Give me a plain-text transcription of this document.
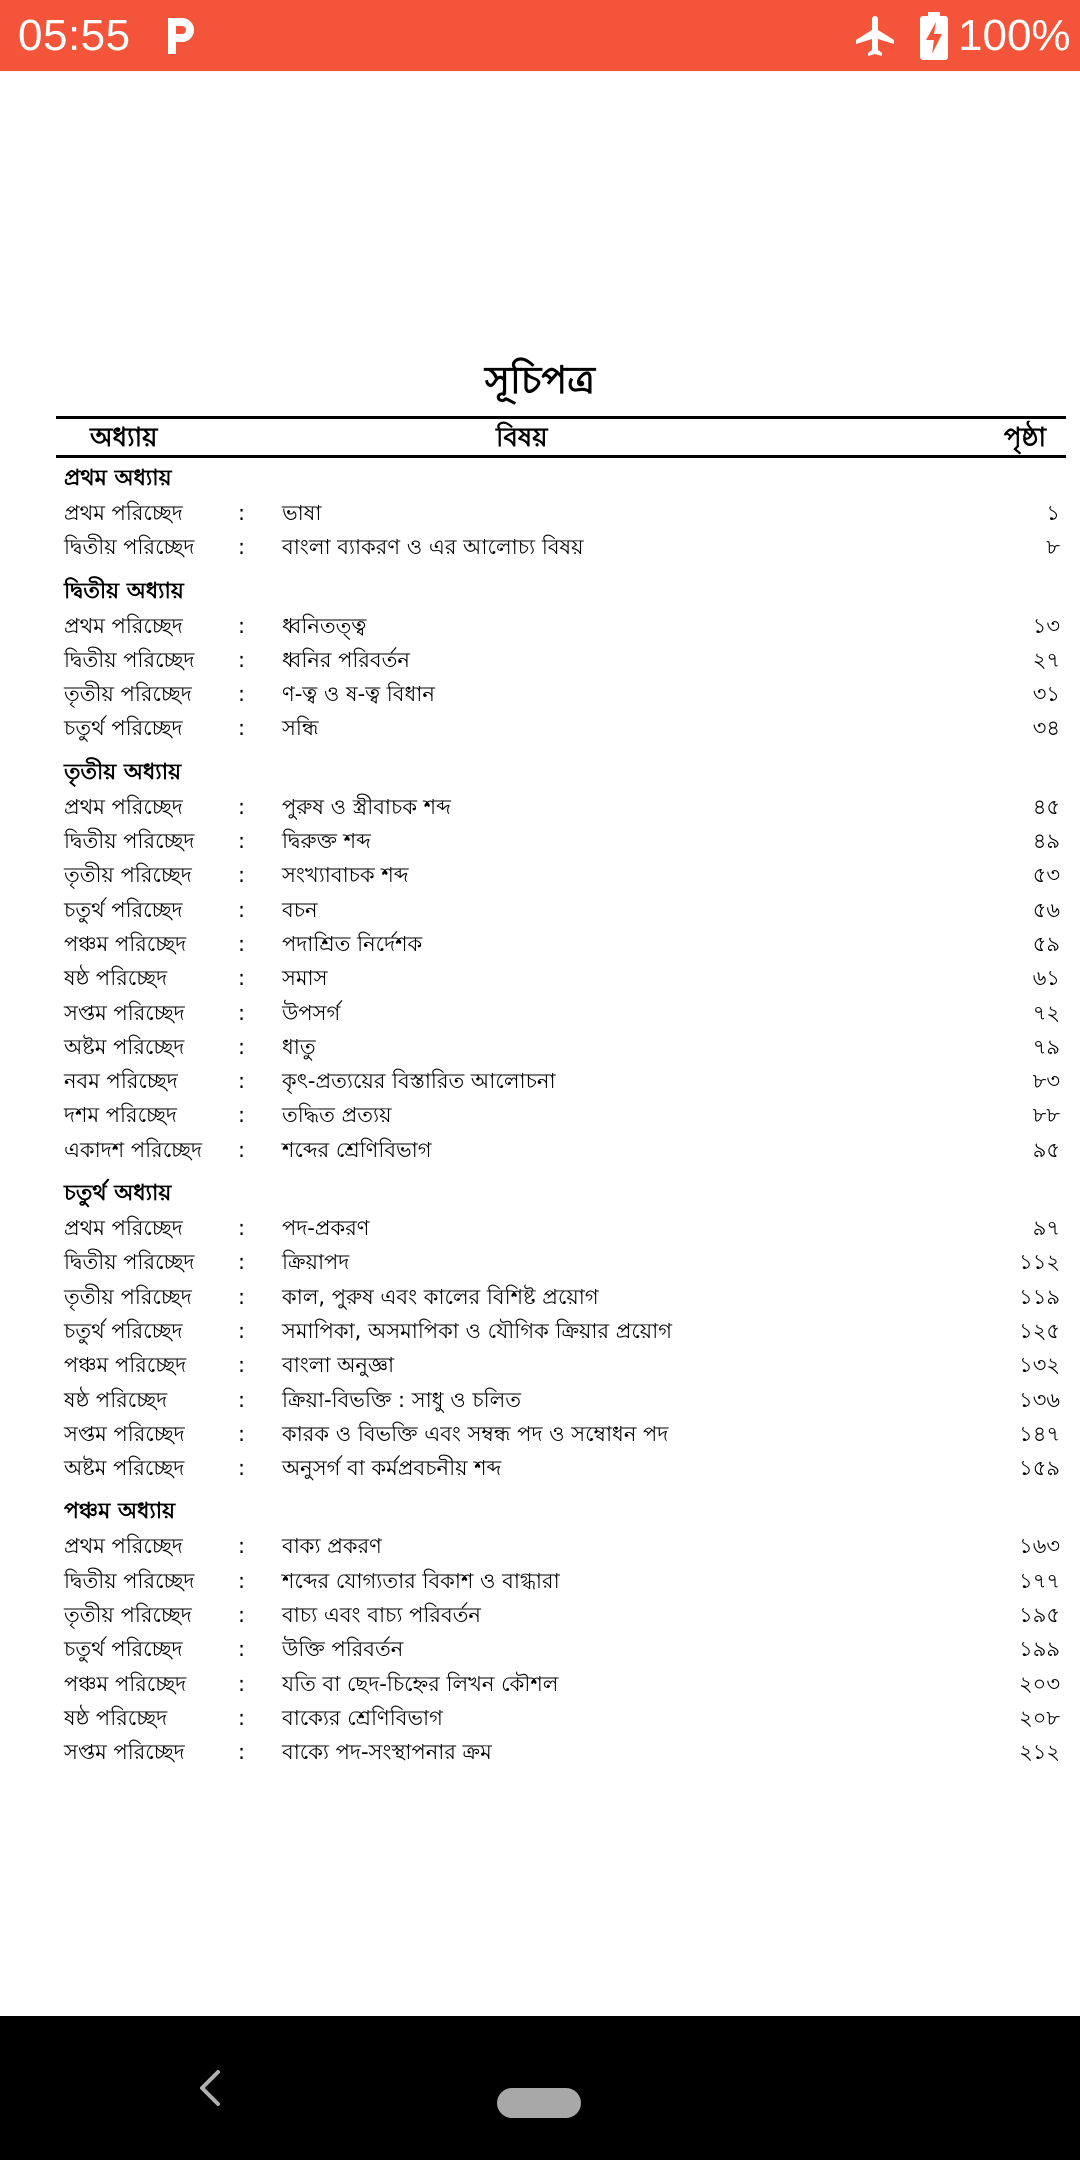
05:55	100%
সূচিপত্র
অধ্যায়	বিষয়	পৃষ্ঠা
প্রথম অধ্যায়
প্রথম পরিচ্ছেদ	: ভাষা	১
দ্বিতীয় পরিচ্ছেদ : বাংলা ব্যাকরণ ও এর আলোচ্য বিষয়	৮
দ্বিতীয় অধ্যায়
প্রথম পরিচ্ছেদ	: ধ্বনিতত্ত্ব	১৩
দ্বিতীয় পরিচ্ছেদ : ধ্বনির পরিবর্তন	২৭
তৃতীয় পরিচ্ছেদ : ণ-ত্ব ও ষ-ত্ব বিধান	৩১
চতুর্থ পরিচ্ছেদ	: সন্ধি	৩৪
তৃতীয় অধ্যায়
প্রথম পরিচ্ছেদ	: পুরুষ ও স্ত্রীবাচক শব্দ	৪৫
দ্বিতীয় পরিচ্ছেদ : দ্বিরুক্ত শব্দ	৪৯
তৃতীয় পরিচ্ছেদ : সংখ্যাবাচক শব্দ	৫৩
চতুর্থ পরিচ্ছেদ	: বচন	৫৬
পঞ্চম পরিচ্ছেদ : পদাশ্রিত নির্দেশক	৫৯
ষষ্ঠ পরিচ্ছেদ	: সমাস	৬১
সপ্তম পরিচ্ছেদ	: উপসর্গ	৭২
অষ্টম পরিচ্ছেদ	: ধাতু	৭৯
নবম পরিচ্ছেদ	: কৃৎ-প্রত্যয়ের বিস্তারিত আলোচনা	৮৩
দশম পরিচ্ছেদ	: তদ্ধিত প্রত্যয়	৮৮
একাদশ পরিচ্ছেদ : শব্দের শ্রেণিবিভাগ	৯৫
চতুর্থ অধ্যায়
প্রথম পরিচ্ছেদ	: পদ-প্রকরণ	৯৭
দ্বিতীয় পরিচ্ছেদ : ক্রিয়াপদ	১১২
তৃতীয় পরিচ্ছেদ : কাল, পুরুষ এবং কালের বিশিষ্ট প্রয়োগ	১১৯
চতুর্থ পরিচ্ছেদ	: সমাপিকা, অসমাপিকা ও যৌগিক ক্রিয়ার প্রয়োগ	১২৫
পঞ্চম পরিচ্ছেদ : বাংলা অনুজ্ঞা	১৩২
ষষ্ঠ পরিচ্ছেদ	: ক্রিয়া-বিভক্তি : সাধু ও চলিত	১৩৬
সপ্তম পরিচ্ছেদ	: কারক ও বিভক্তি এবং সম্বন্ধ পদ ও সম্বোধন পদ	১৪৭
অষ্টম পরিচ্ছেদ	: অনুসর্গ বা কর্মপ্রবচনীয় শব্দ	১৫৯
পঞ্চম অধ্যায়
প্রথম পরিচ্ছেদ	: বাক্য প্রকরণ	১৬৩
দ্বিতীয় পরিচ্ছেদ : শব্দের যোগ্যতার বিকাশ ও বাগ্ধারা	১৭৭
তৃতীয় পরিচ্ছেদ : বাচ্য এবং বাচ্য পরিবর্তন	১৯৫
চতুর্থ পরিচ্ছেদ	: উক্তি পরিবর্তন	১৯৯
পঞ্চম পরিচ্ছেদ : যতি বা ছেদ-চিহ্নের লিখন কৌশল	২০৩
ষষ্ঠ পরিচ্ছেদ	: বাক্যের শ্রেণিবিভাগ	২০৮
সপ্তম পরিচ্ছেদ	: বাক্যে পদ-সংস্থাপনার ক্রম	২১২
